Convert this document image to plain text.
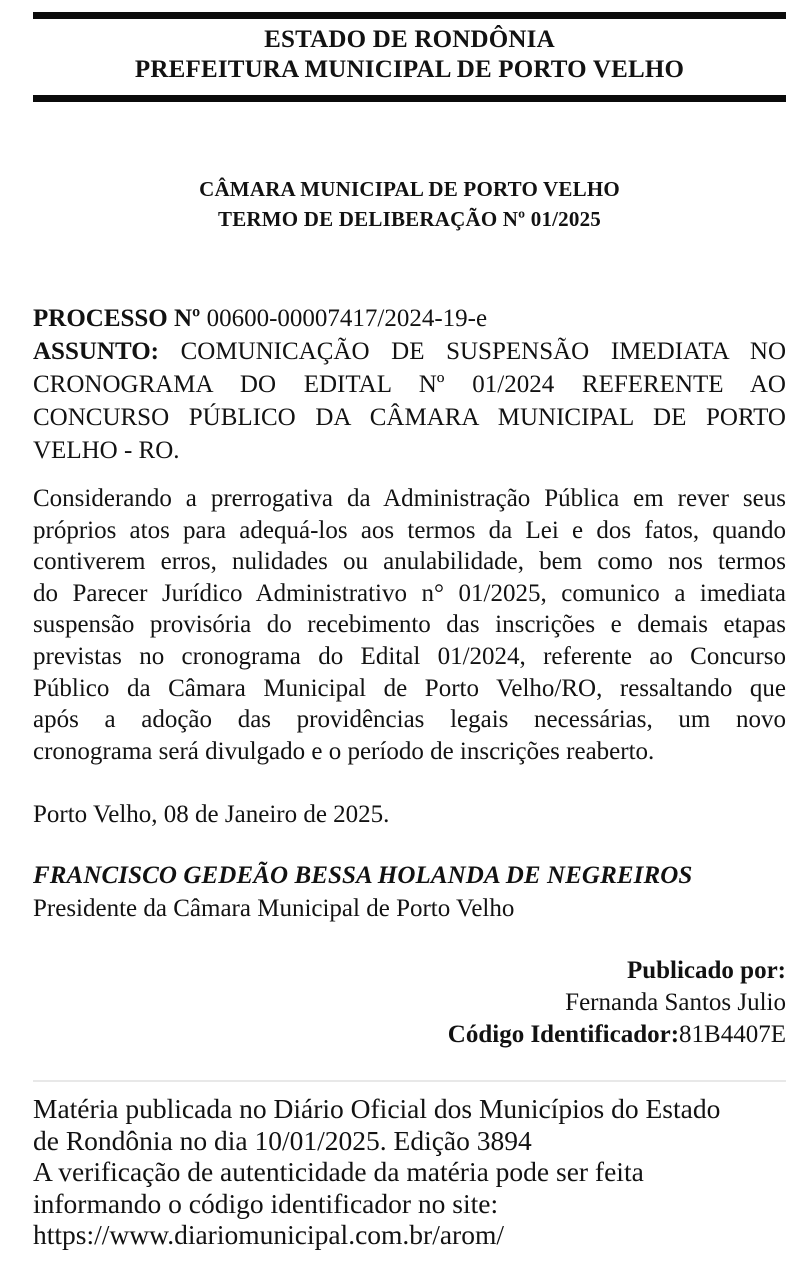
ESTADO DE RONDÔNIA
PREFEITURA MUNICIPAL DE PORTO VELHO
CÂMARA MUNICIPAL DE PORTO VELHO
TERMO DE DELIBERAÇÃO Nº 01/2025
PROCESSO Nº 00600-00007417/2024-19-e
ASSUNTO: COMUNICAÇÃO DE SUSPENSÃO IMEDIATA NO
CRONOGRAMA DO EDITAL Nº 01/2024 REFERENTE AO
CONCURSO PÚBLICO DA CÂMARA MUNICIPAL DE PORTO
VELHO - RO.
Considerando a prerrogativa da Administração Pública em rever seus
próprios atos para adequá-los aos termos da Lei e dos fatos, quando
contiverem erros, nulidades ou anulabilidade, bem como nos termos
do Parecer Jurídico Administrativo n° 01/2025, comunico a imediata
suspensão provisória do recebimento das inscrições e demais etapas
previstas no cronograma do Edital 01/2024, referente ao Concurso
Público da Câmara Municipal de Porto Velho/RO, ressaltando que
após a adoção das providências legais necessárias, um novo
cronograma será divulgado e o período de inscrições reaberto.
Porto Velho, 08 de Janeiro de 2025.
FRANCISCO GEDEÃO BESSA HOLANDA DE NEGREIROS
Presidente da Câmara Municipal de Porto Velho
Publicado por:
Fernanda Santos Julio
Código Identificador:81B4407E
Matéria publicada no Diário Oficial dos Municípios do Estado
de Rondônia no dia 10/01/2025. Edição 3894
A verificação de autenticidade da matéria pode ser feita
informando o código identificador no site:
https://www.diariomunicipal.com.br/arom/
